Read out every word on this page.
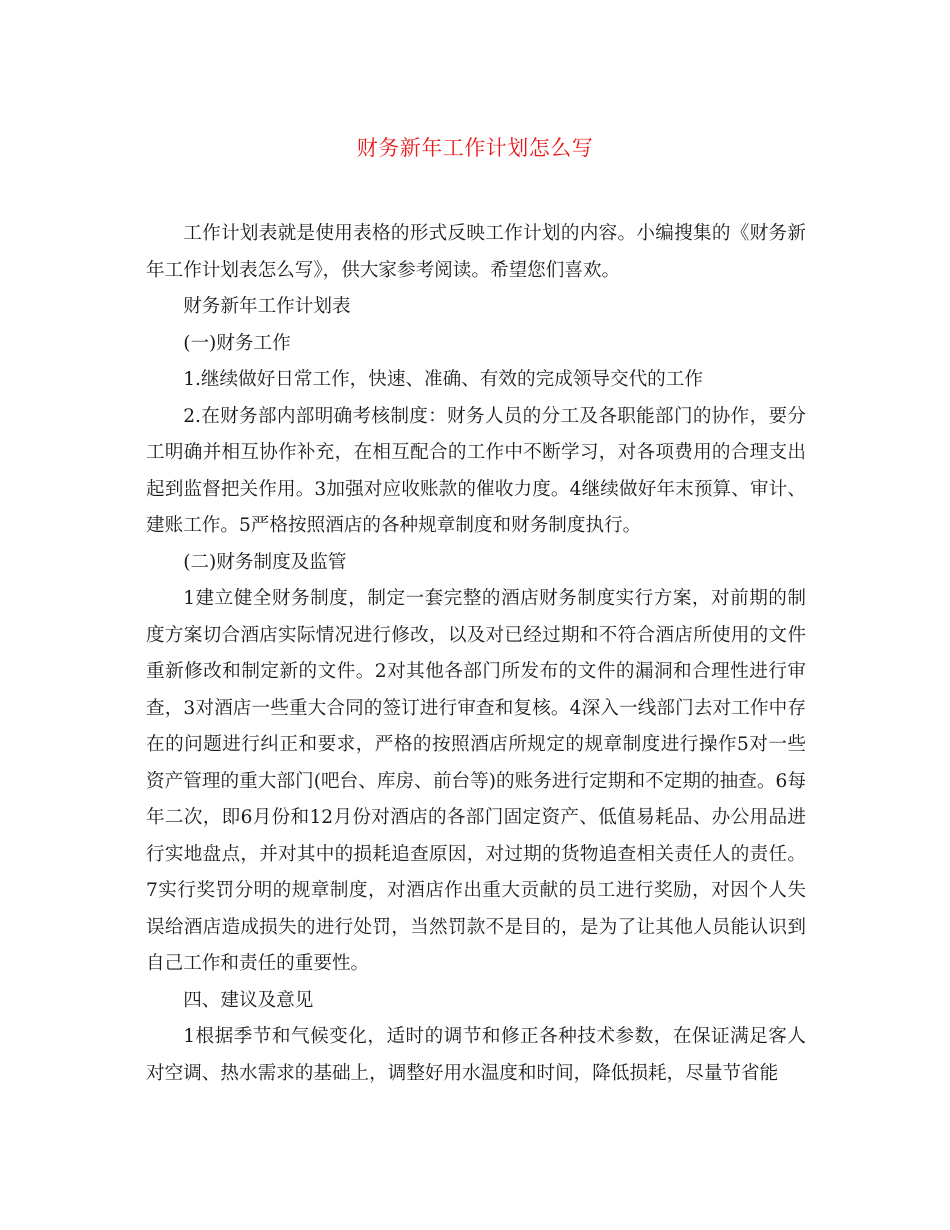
财务新年工作计划怎么写

工作计划表就是使用表格的形式反映工作计划的内容。小编搜集的《财务新年工作计划表怎么写》，供大家参考阅读。希望您们喜欢。

财务新年工作计划表

(一)财务工作

1.继续做好日常工作，快速、准确、有效的完成领导交代的工作

2.在财务部内部明确考核制度：财务人员的分工及各职能部门的协作，要分工明确并相互协作补充，在相互配合的工作中不断学习，对各项费用的合理支出起到监督把关作用。3加强对应收账款的催收力度。4继续做好年末预算、审计、建账工作。5严格按照酒店的各种规章制度和财务制度执行。

(二)财务制度及监管

1建立健全财务制度，制定一套完整的酒店财务制度实行方案，对前期的制度方案切合酒店实际情况进行修改，以及对已经过期和不符合酒店所使用的文件重新修改和制定新的文件。2对其他各部门所发布的文件的漏洞和合理性进行审查，3对酒店一些重大合同的签订进行审查和复核。4深入一线部门去对工作中存在的问题进行纠正和要求，严格的按照酒店所规定的规章制度进行操作5对一些资产管理的重大部门(吧台、库房、前台等)的账务进行定期和不定期的抽查。6每年二次，即6月份和12月份对酒店的各部门固定资产、低值易耗品、办公用品进行实地盘点，并对其中的损耗追查原因，对过期的货物追查相关责任人的责任。7实行奖罚分明的规章制度，对酒店作出重大贡献的员工进行奖励，对因个人失误给酒店造成损失的进行处罚，当然罚款不是目的，是为了让其他人员能认识到自己工作和责任的重要性。

四、建议及意见

1根据季节和气候变化，适时的调节和修正各种技术参数，在保证满足客人对空调、热水需求的基础上，调整好用水温度和时间，降低损耗，尽量节省能
